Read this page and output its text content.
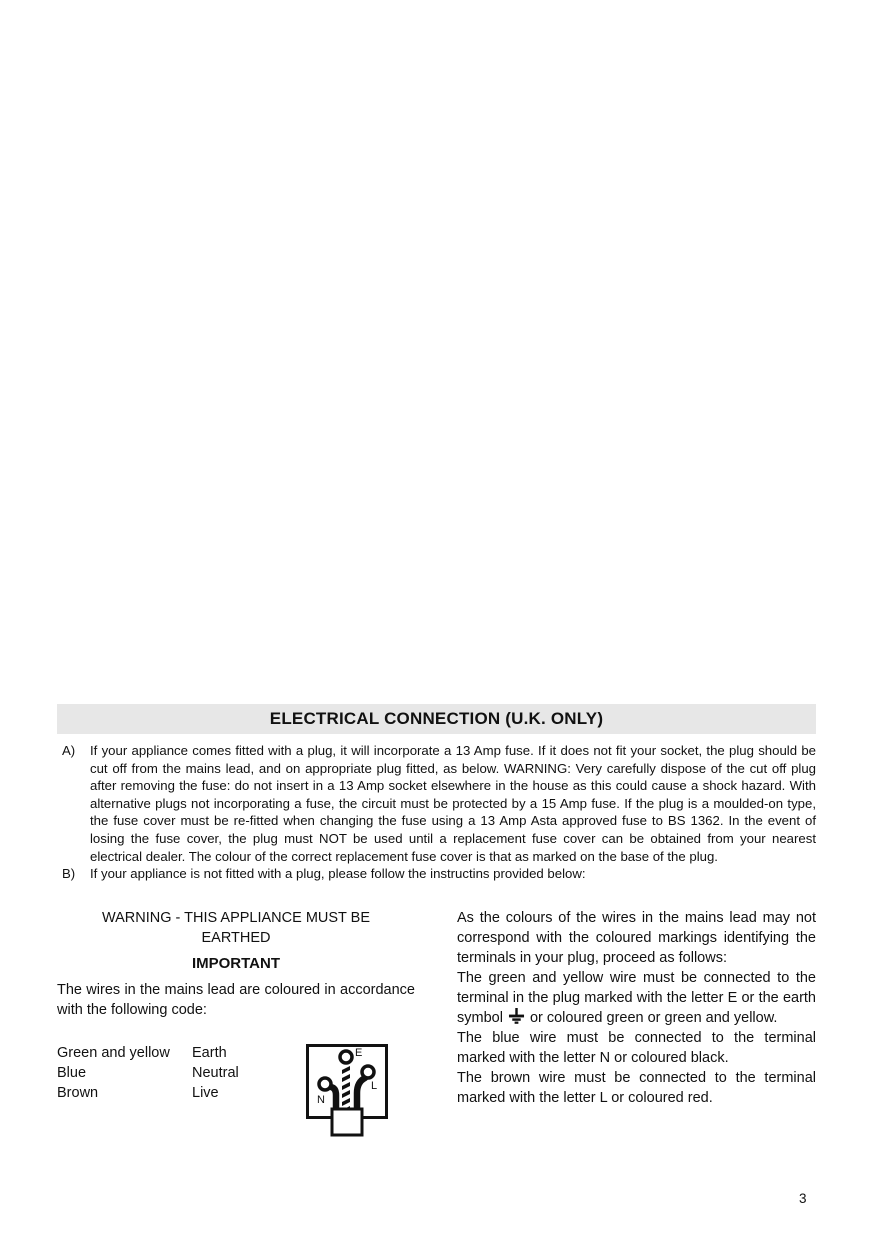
ELECTRICAL CONNECTION (U.K. ONLY)
A)	If your appliance comes fitted with a plug, it will incorporate a 13 Amp fuse. If it does not fit your socket, the plug should be cut off from the mains lead, and on appropriate plug fitted, as below. WARNING: Very carefully dispose of the cut off plug after removing the fuse: do not insert in a 13 Amp socket elsewhere in the house as this could cause a shock hazard. With alternative plugs not incorporating a fuse, the circuit must be protected by a 15 Amp fuse. If the plug is a moulded-on type, the fuse cover must be re-fitted when changing the fuse using a 13 Amp Asta approved fuse to BS 1362. In the event of losing the fuse cover, the plug must NOT be used until a replacement fuse cover can be obtained from your nearest electrical dealer. The colour of the correct replacement fuse cover is that as marked on the base of the plug.
B)	If your appliance is not fitted with a plug, please follow the instructins provided below:
WARNING - THIS APPLIANCE MUST BE
EARTHED
IMPORTANT
The wires in the mains lead are coloured in accordance with the following code:
Green and yellow	Earth
Blue	Neutral
Brown	Live
E
L
N
As the colours of the wires in the mains lead may not correspond with the coloured markings identifying the terminals in your plug, proceed as follows:
The green and yellow wire must be connected to the terminal in the plug marked with the letter E or the earth symbol or coloured green or green and yellow.
The blue wire must be connected to the terminal marked with the letter N or coloured black.
The brown wire must be connected to the terminal marked with the letter L or coloured red.
3
